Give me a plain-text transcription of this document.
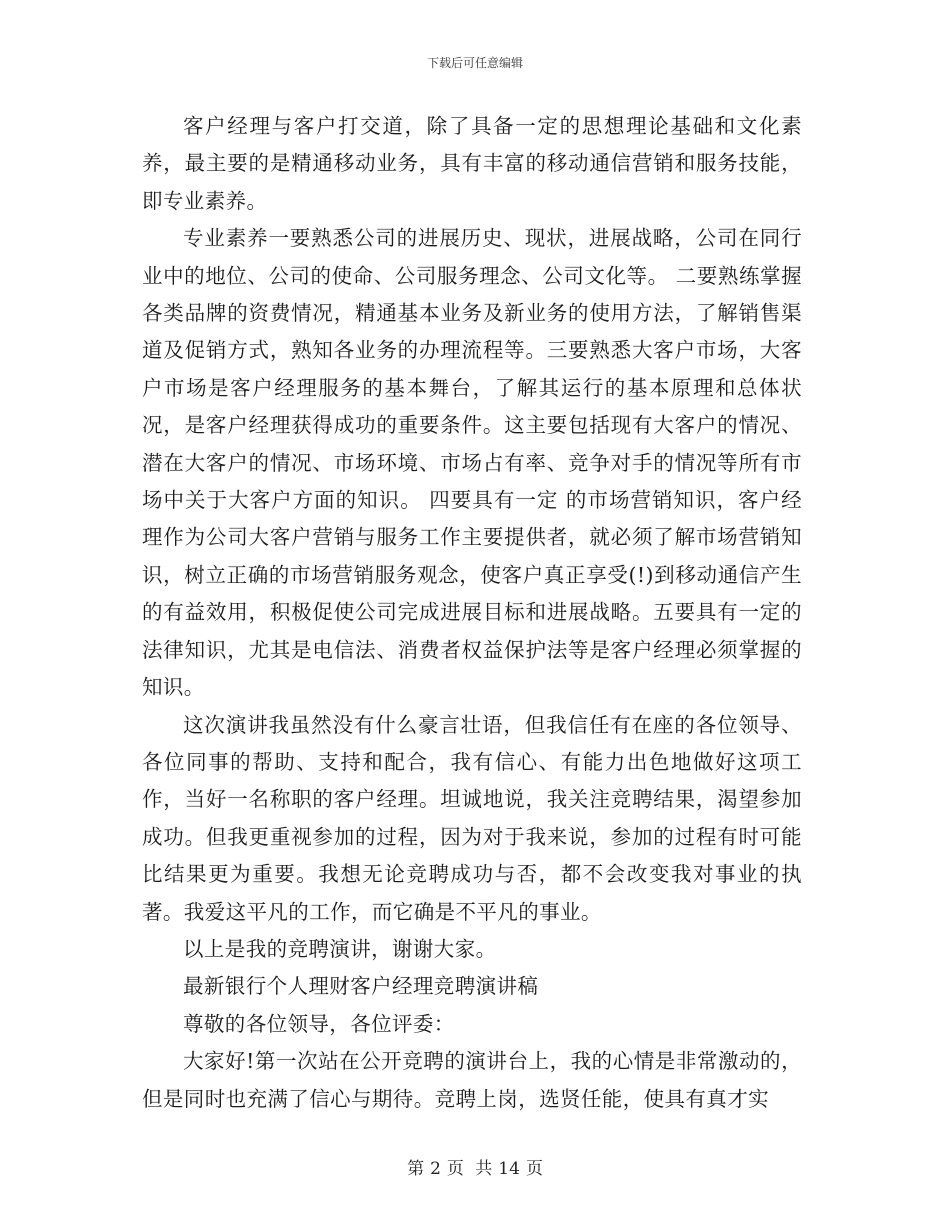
下载后可任意编辑

客户经理与客户打交道，除了具备一定的思想理论基础和文化素养，最主要的是精通移动业务，具有丰富的移动通信营销和服务技能，即专业素养。

专业素养一要熟悉公司的进展历史、现状，进展战略，公司在同行业中的地位、公司的使命、公司服务理念、公司文化等。 二要熟练掌握各类品牌的资费情况，精通基本业务及新业务的使用方法，了解销售渠道及促销方式，熟知各业务的办理流程等。三要熟悉大客户市场，大客户市场是客户经理服务的基本舞台，了解其运行的基本原理和总体状况，是客户经理获得成功的重要条件。这主要包括现有大客户的情况、潜在大客户的情况、市场环境、市场占有率、竞争对手的情况等所有市场中关于大客户方面的知识。 四要具有一定 的市场营销知识，客户经理作为公司大客户营销与服务工作主要提供者，就必须了解市场营销知识，树立正确的市场营销服务观念，使客户真正享受(!)到移动通信产生的有益效用，积极促使公司完成进展目标和进展战略。五要具有一定的法律知识，尤其是电信法、消费者权益保护法等是客户经理必须掌握的知识。

这次演讲我虽然没有什么豪言壮语，但我信任有在座的各位领导、各位同事的帮助、支持和配合，我有信心、有能力出色地做好这项工作，当好一名称职的客户经理。坦诚地说，我关注竞聘结果，渴望参加成功。但我更重视参加的过程，因为对于我来说，参加的过程有时可能比结果更为重要。我想无论竞聘成功与否，都不会改变我对事业的执著。我爱这平凡的工作，而它确是不平凡的事业。

以上是我的竞聘演讲，谢谢大家。

最新银行个人理财客户经理竞聘演讲稿

尊敬的各位领导，各位评委：

大家好!第一次站在公开竞聘的演讲台上，我的心情是非常激动的，但是同时也充满了信心与期待。竞聘上岗，选贤任能，使具有真才实

第 2 页 共 14 页
